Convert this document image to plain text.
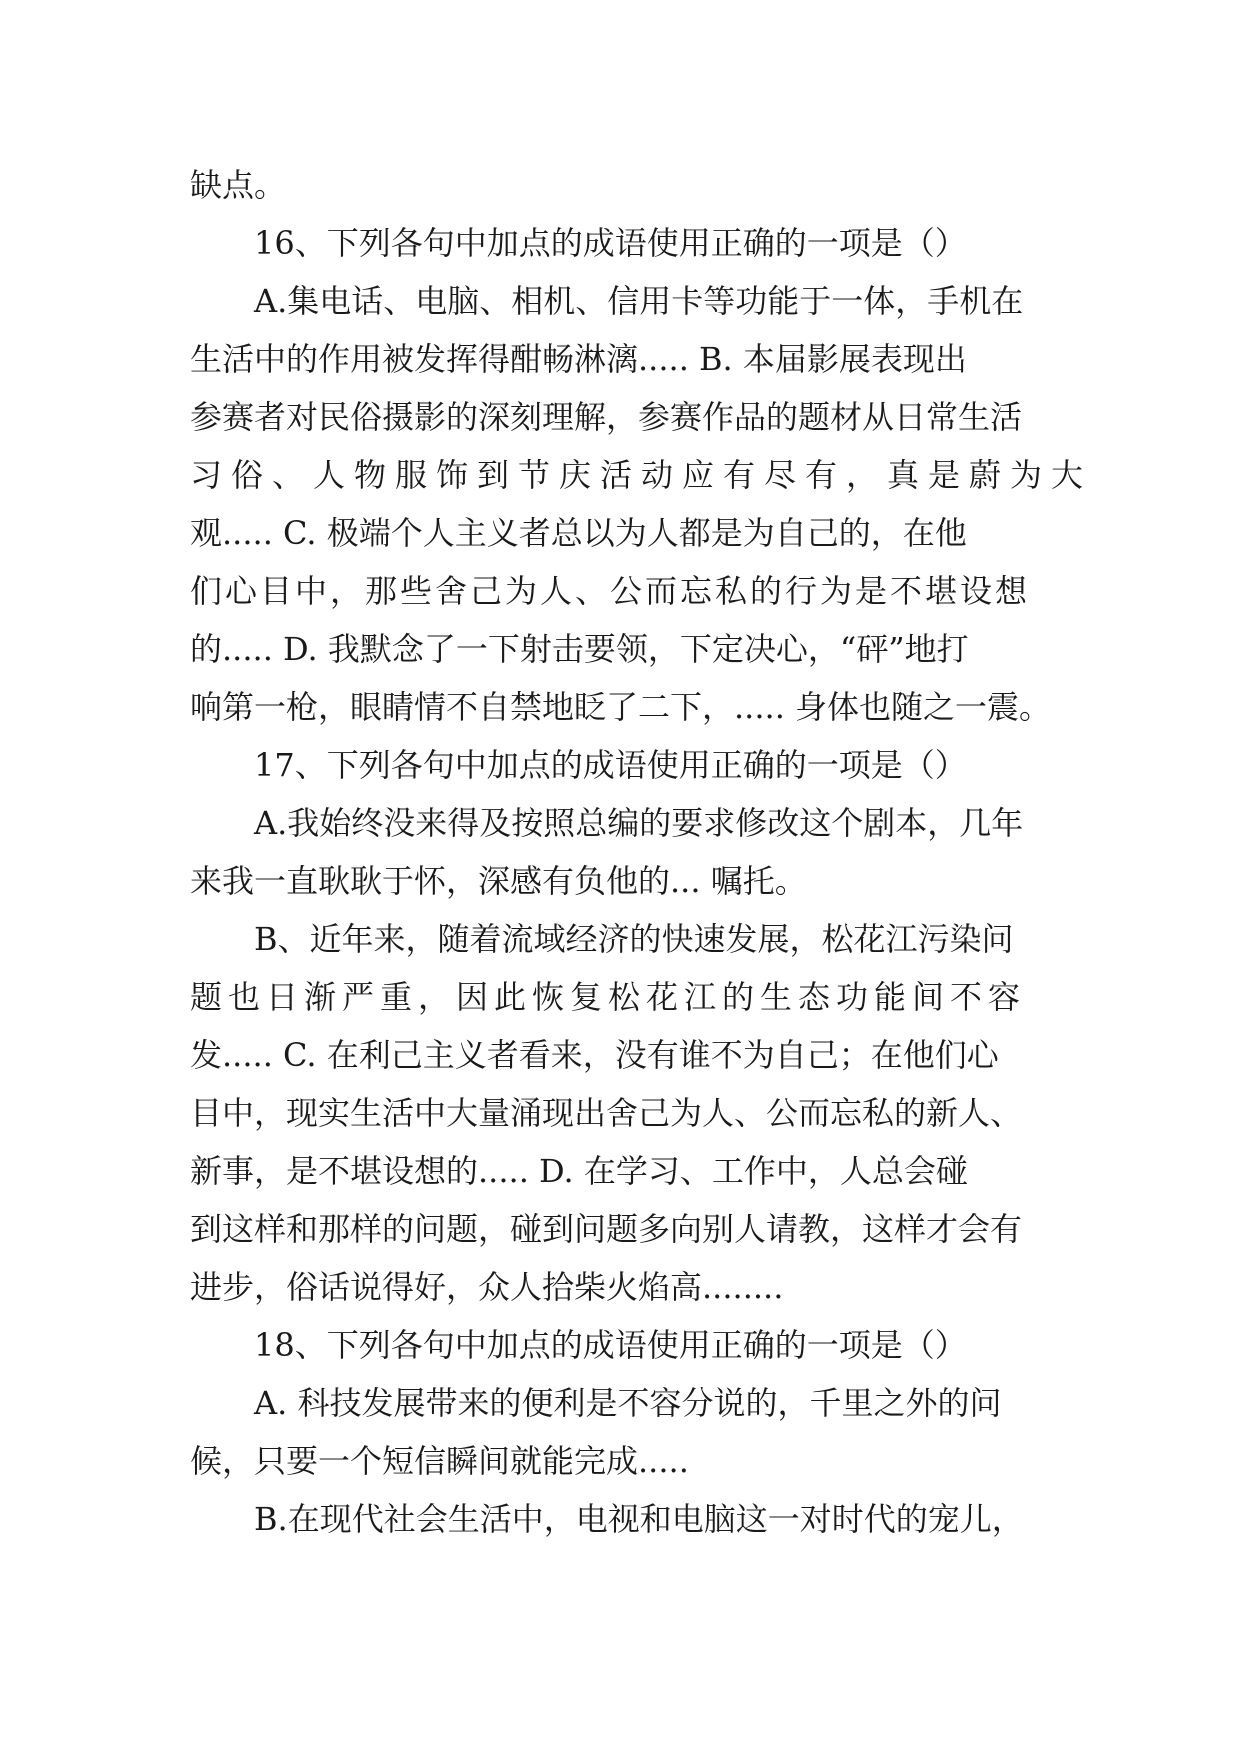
缺点。
16、下列各句中加点的成语使用正确的一项是（）
A.集电话、电脑、相机、信用卡等功能于一体，手机在
生活中的作用被发挥得酣畅淋漓..... B. 本届影展表现出
参赛者对民俗摄影的深刻理解，参赛作品的题材从日常生活
习俗、人物服饰到节庆活动应有尽有，真是蔚为大
观..... C. 极端个人主义者总以为人都是为自己的，在他
们心目中，那些舍己为人、公而忘私的行为是不堪设想
的..... D. 我默念了一下射击要领，下定决心，“砰”地打
响第一枪，眼睛情不自禁地眨了二下，..... 身体也随之一震。
17、下列各句中加点的成语使用正确的一项是（）
A.我始终没来得及按照总编的要求修改这个剧本，几年
来我一直耿耿于怀，深感有负他的... 嘱托。
B、近年来，随着流域经济的快速发展，松花江污染问
题也日渐严重，因此恢复松花江的生态功能间不容
发..... C. 在利己主义者看来，没有谁不为自己；在他们心
目中，现实生活中大量涌现出舍己为人、公而忘私的新人、
新事，是不堪设想的..... D. 在学习、工作中，人总会碰
到这样和那样的问题，碰到问题多向别人请教，这样才会有
进步，俗话说得好，众人拾柴火焰高........
18、下列各句中加点的成语使用正确的一项是（）
A. 科技发展带来的便利是不容分说的，千里之外的问
候，只要一个短信瞬间就能完成.....
B.在现代社会生活中，电视和电脑这一对时代的宠儿，
